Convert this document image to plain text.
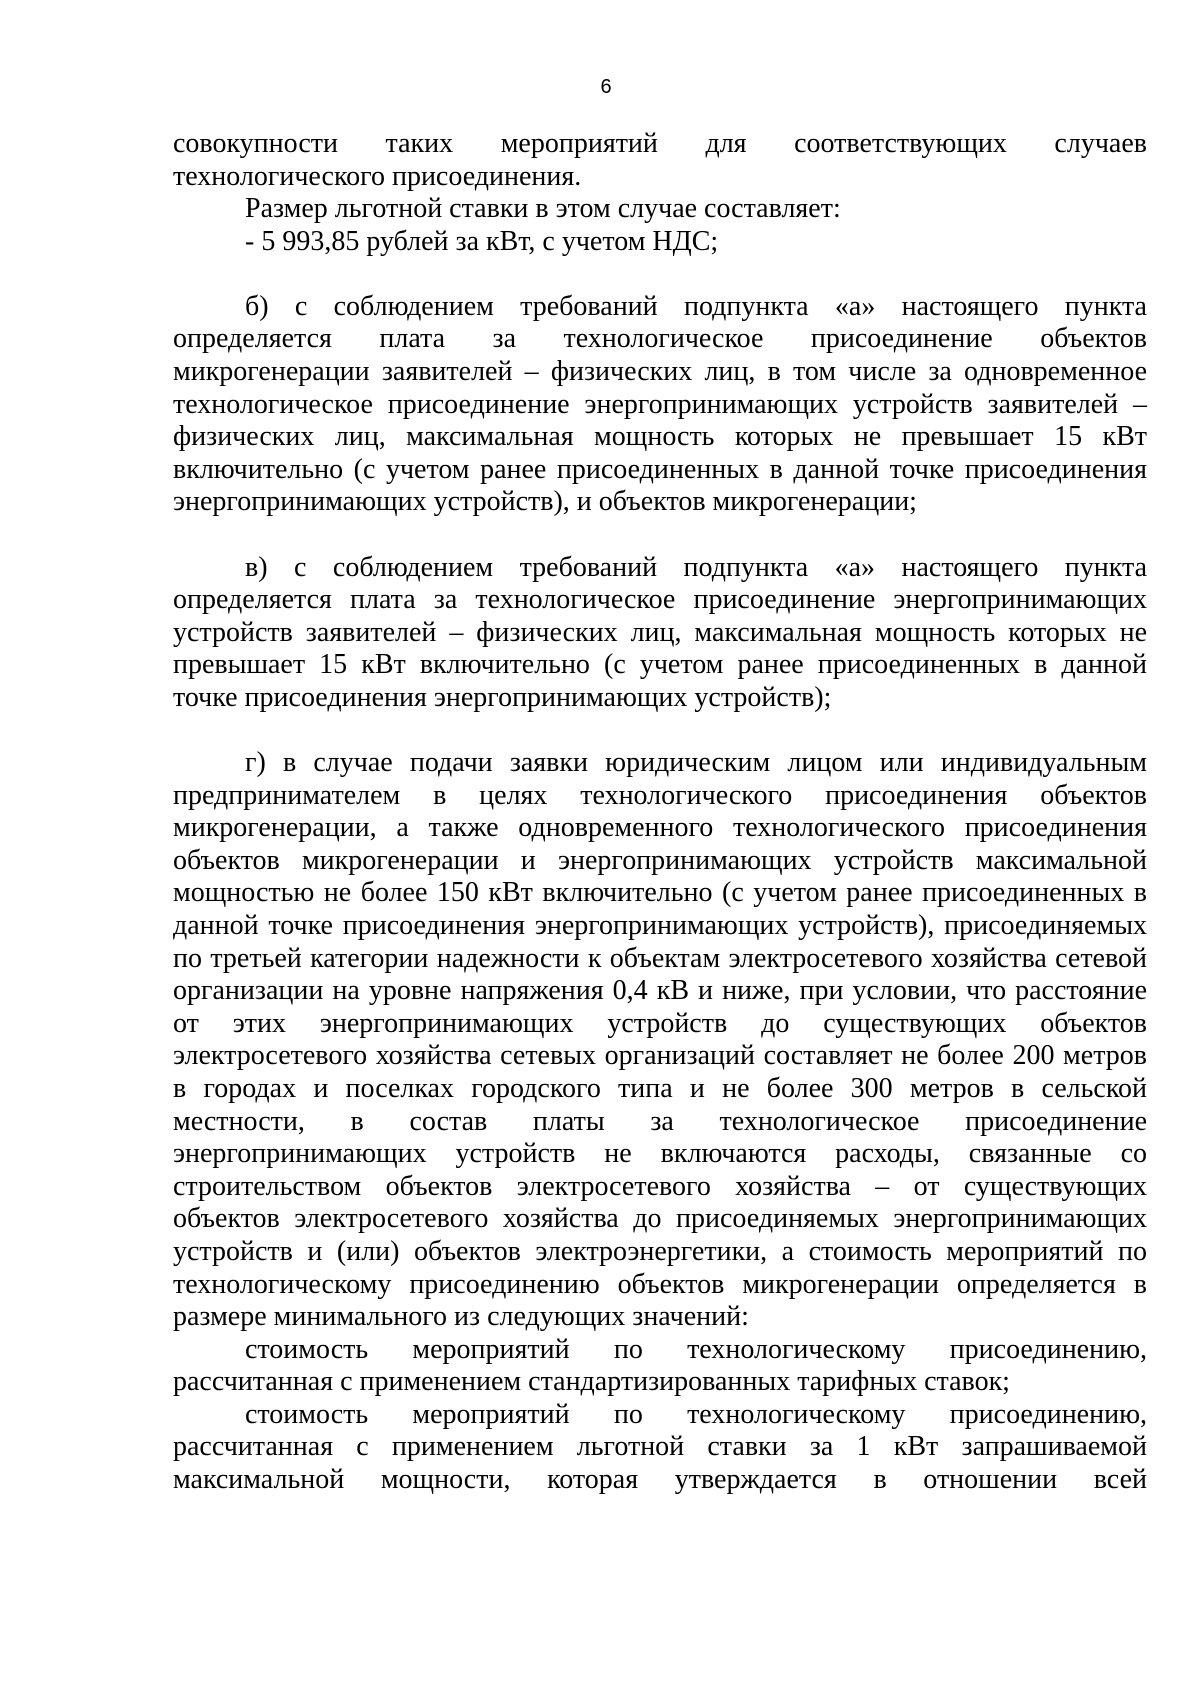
6

совокупности таких мероприятий для соответствующих случаев технологического присоединения.

Размер льготной ставки в этом случае составляет:

- 5 993,85 рублей за кВт, с учетом НДС;

б) с соблюдением требований подпункта «а» настоящего пункта определяется плата за технологическое присоединение объектов микрогенерации заявителей – физических лиц, в том числе за одновременное технологическое присоединение энергопринимающих устройств заявителей – физических лиц, максимальная мощность которых не превышает 15 кВт включительно (с учетом ранее присоединенных в данной точке присоединения энергопринимающих устройств), и объектов микрогенерации;

в) с соблюдением требований подпункта «а» настоящего пункта определяется плата за технологическое присоединение энергопринимающих устройств заявителей – физических лиц, максимальная мощность которых не превышает 15 кВт включительно (с учетом ранее присоединенных в данной точке присоединения энергопринимающих устройств);

г) в случае подачи заявки юридическим лицом или индивидуальным предпринимателем в целях технологического присоединения объектов микрогенерации, а также одновременного технологического присоединения объектов микрогенерации и энергопринимающих устройств максимальной мощностью не более 150 кВт включительно (с учетом ранее присоединенных в данной точке присоединения энергопринимающих устройств), присоединяемых по третьей категории надежности к объектам электросетевого хозяйства сетевой организации на уровне напряжения 0,4 кВ и ниже, при условии, что расстояние от этих энергопринимающих устройств до существующих объектов электросетевого хозяйства сетевых организаций составляет не более 200 метров в городах и поселках городского типа и не более 300 метров в сельской местности, в состав платы за технологическое присоединение энергопринимающих устройств не включаются расходы, связанные со строительством объектов электросетевого хозяйства – от существующих объектов электросетевого хозяйства до присоединяемых энергопринимающих устройств и (или) объектов электроэнергетики, а стоимость мероприятий по технологическому присоединению объектов микрогенерации определяется в размере минимального из следующих значений:

стоимость мероприятий по технологическому присоединению, рассчитанная с применением стандартизированных тарифных ставок;

стоимость мероприятий по технологическому присоединению, рассчитанная с применением льготной ставки за 1 кВт запрашиваемой максимальной мощности, которая утверждается в отношении всей
